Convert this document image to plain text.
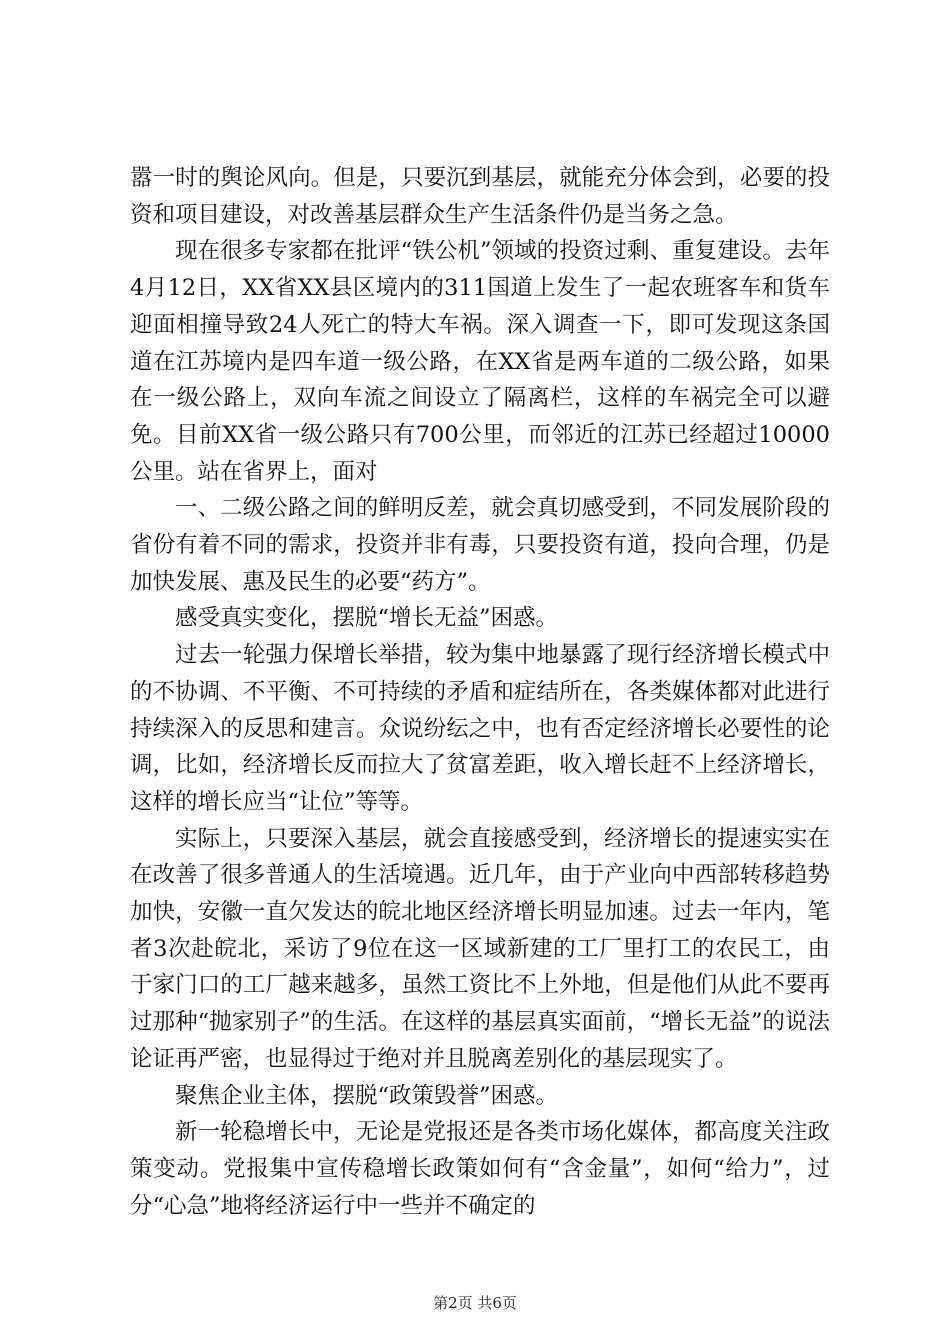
嚣一时的舆论风向。但是，只要沉到基层，就能充分体会到，必要的投资和项目建设，对改善基层群众生产生活条件仍是当务之急。

现在很多专家都在批评“铁公机”领域的投资过剩、重复建设。去年4月12日，XX省XX县区境内的311国道上发生了一起农班客车和货车迎面相撞导致24人死亡的特大车祸。深入调查一下，即可发现这条国道在江苏境内是四车道一级公路，在XX省是两车道的二级公路，如果在一级公路上，双向车流之间设立了隔离栏，这样的车祸完全可以避免。目前XX省一级公路只有700公里，而邻近的江苏已经超过10000公里。站在省界上，面对

一、二级公路之间的鲜明反差，就会真切感受到，不同发展阶段的省份有着不同的需求，投资并非有毒，只要投资有道，投向合理，仍是加快发展、惠及民生的必要“药方”。

感受真实变化，摆脱“增长无益”困惑。

过去一轮强力保增长举措，较为集中地暴露了现行经济增长模式中的不协调、不平衡、不可持续的矛盾和症结所在，各类媒体都对此进行持续深入的反思和建言。众说纷纭之中，也有否定经济增长必要性的论调，比如，经济增长反而拉大了贫富差距，收入增长赶不上经济增长，这样的增长应当“让位”等等。

实际上，只要深入基层，就会直接感受到，经济增长的提速实实在在改善了很多普通人的生活境遇。近几年，由于产业向中西部转移趋势加快，安徽一直欠发达的皖北地区经济增长明显加速。过去一年内，笔者3次赴皖北，采访了9位在这一区域新建的工厂里打工的农民工，由于家门口的工厂越来越多，虽然工资比不上外地，但是他们从此不要再过那种“抛家别子”的生活。在这样的基层真实面前，“增长无益”的说法论证再严密，也显得过于绝对并且脱离差别化的基层现实了。

聚焦企业主体，摆脱“政策毁誉”困惑。

新一轮稳增长中，无论是党报还是各类市场化媒体，都高度关注政策变动。党报集中宣传稳增长政策如何有“含金量”，如何“给力”，过分“心急”地将经济运行中一些并不确定的

第2页 共6页
